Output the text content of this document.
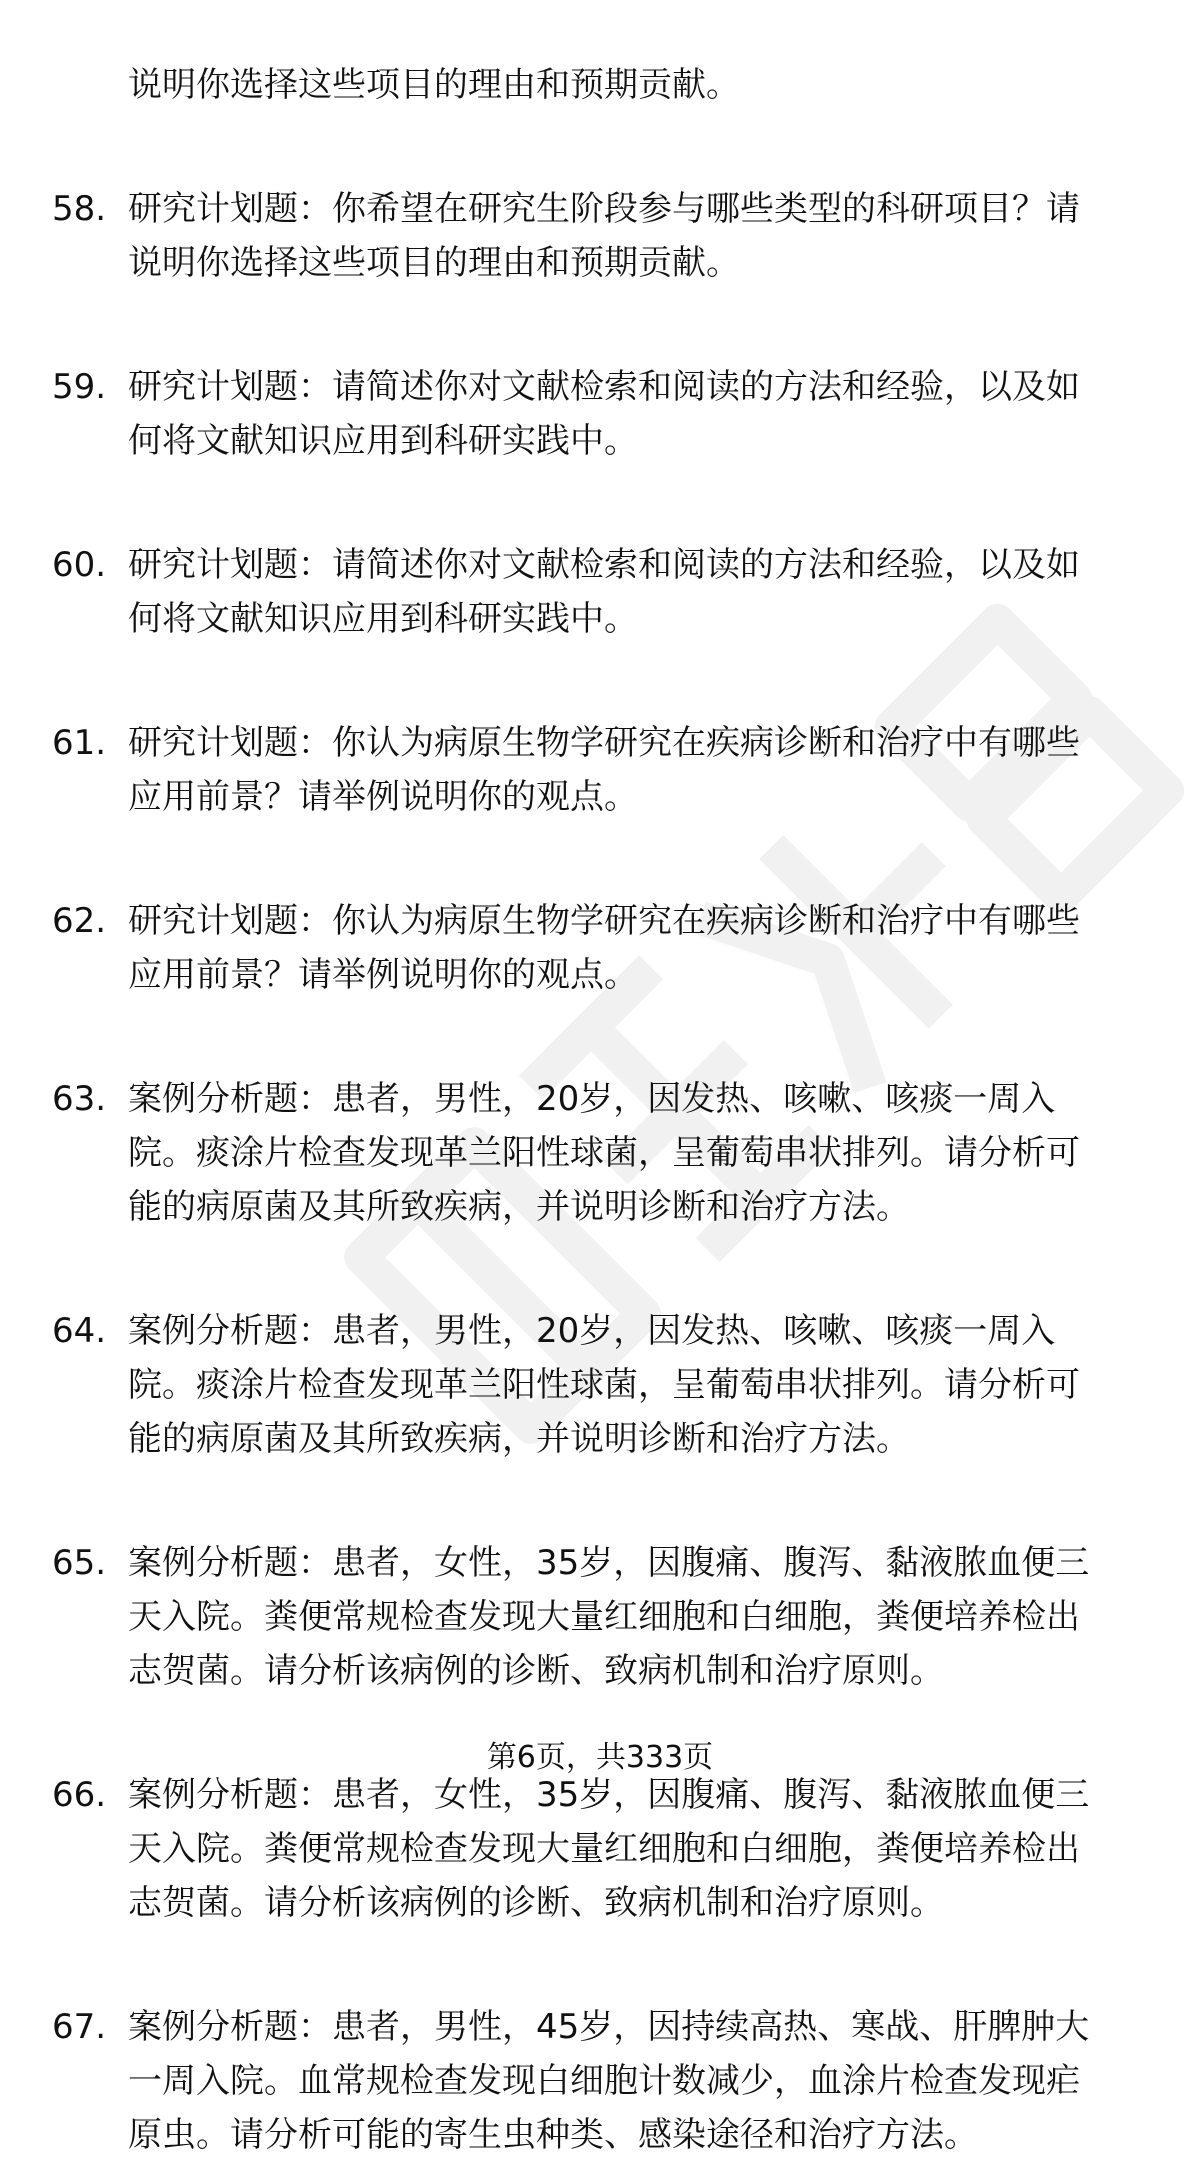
说明你选择这些项目的理由和预期贡献。
58. 研究计划题：你希望在研究生阶段参与哪些类型的科研项目？请
说明你选择这些项目的理由和预期贡献。
59. 研究计划题：请简述你对文献检索和阅读的方法和经验，以及如
何将文献知识应用到科研实践中。
60. 研究计划题：请简述你对文献检索和阅读的方法和经验，以及如
何将文献知识应用到科研实践中。
61. 研究计划题：你认为病原生物学研究在疾病诊断和治疗中有哪些
应用前景？请举例说明你的观点。
62. 研究计划题：你认为病原生物学研究在疾病诊断和治疗中有哪些
应用前景？请举例说明你的观点。
63. 案例分析题：患者，男性，20岁，因发热、咳嗽、咳痰一周入
院。痰涂片检查发现革兰阳性球菌，呈葡萄串状排列。请分析可
能的病原菌及其所致疾病，并说明诊断和治疗方法。
64. 案例分析题：患者，男性，20岁，因发热、咳嗽、咳痰一周入
院。痰涂片检查发现革兰阳性球菌，呈葡萄串状排列。请分析可
能的病原菌及其所致疾病，并说明诊断和治疗方法。
65. 案例分析题：患者，女性，35岁，因腹痛、腹泻、黏液脓血便三
天入院。粪便常规检查发现大量红细胞和白细胞，粪便培养检出
志贺菌。请分析该病例的诊断、致病机制和治疗原则。
66. 案例分析题：患者，女性，35岁，因腹痛、腹泻、黏液脓血便三
天入院。粪便常规检查发现大量红细胞和白细胞，粪便培养检出
志贺菌。请分析该病例的诊断、致病机制和治疗原则。
67. 案例分析题：患者，男性，45岁，因持续高热、寒战、肝脾肿大
一周入院。血常规检查发现白细胞计数减少，血涂片检查发现疟
原虫。请分析可能的寄生虫种类、感染途径和治疗方法。
第6页，共333页
